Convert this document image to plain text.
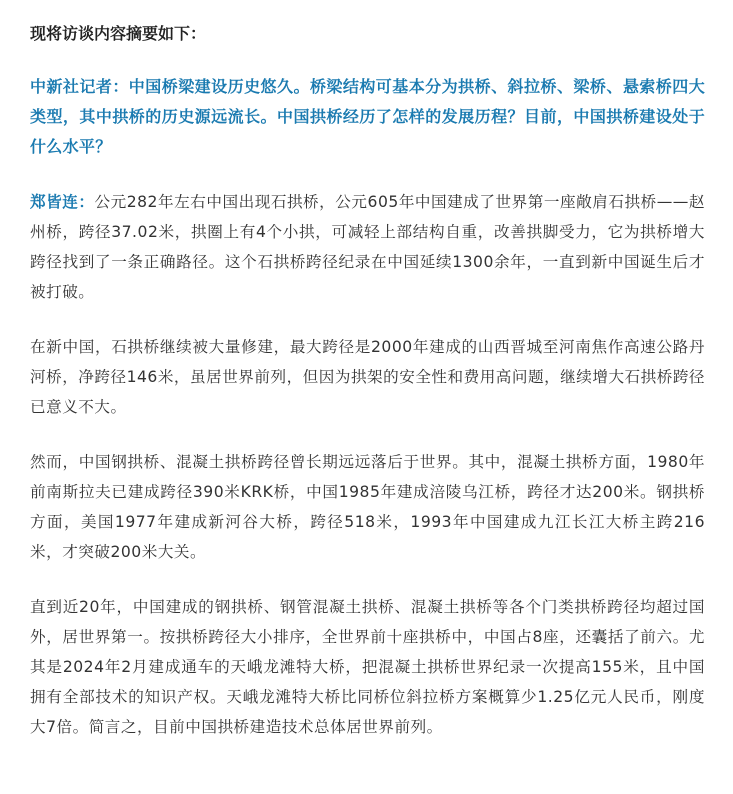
现将访谈内容摘要如下：

中新社记者：中国桥梁建设历史悠久。桥梁结构可基本分为拱桥、斜拉桥、梁桥、悬索桥四大类型，其中拱桥的历史源远流长。中国拱桥经历了怎样的发展历程？目前，中国拱桥建设处于什么水平？

郑皆连：公元282年左右中国出现石拱桥，公元605年中国建成了世界第一座敞肩石拱桥——赵州桥，跨径37.02米，拱圈上有4个小拱，可减轻上部结构自重，改善拱脚受力，它为拱桥增大跨径找到了一条正确路径。这个石拱桥跨径纪录在中国延续1300余年，一直到新中国诞生后才被打破。

在新中国，石拱桥继续被大量修建，最大跨径是2000年建成的山西晋城至河南焦作高速公路丹河桥，净跨径146米，虽居世界前列，但因为拱架的安全性和费用高问题，继续增大石拱桥跨径已意义不大。

然而，中国钢拱桥、混凝土拱桥跨径曾长期远远落后于世界。其中，混凝土拱桥方面，1980年前南斯拉夫已建成跨径390米KRK桥，中国1985年建成涪陵乌江桥，跨径才达200米。钢拱桥方面，美国1977年建成新河谷大桥，跨径518米，1993年中国建成九江长江大桥主跨216米，才突破200米大关。

直到近20年，中国建成的钢拱桥、钢管混凝土拱桥、混凝土拱桥等各个门类拱桥跨径均超过国外，居世界第一。按拱桥跨径大小排序，全世界前十座拱桥中，中国占8座，还囊括了前六。尤其是2024年2月建成通车的天峨龙滩特大桥，把混凝土拱桥世界纪录一次提高155米，且中国拥有全部技术的知识产权。天峨龙滩特大桥比同桥位斜拉桥方案概算少1.25亿元人民币，刚度大7倍。简言之，目前中国拱桥建造技术总体居世界前列。
